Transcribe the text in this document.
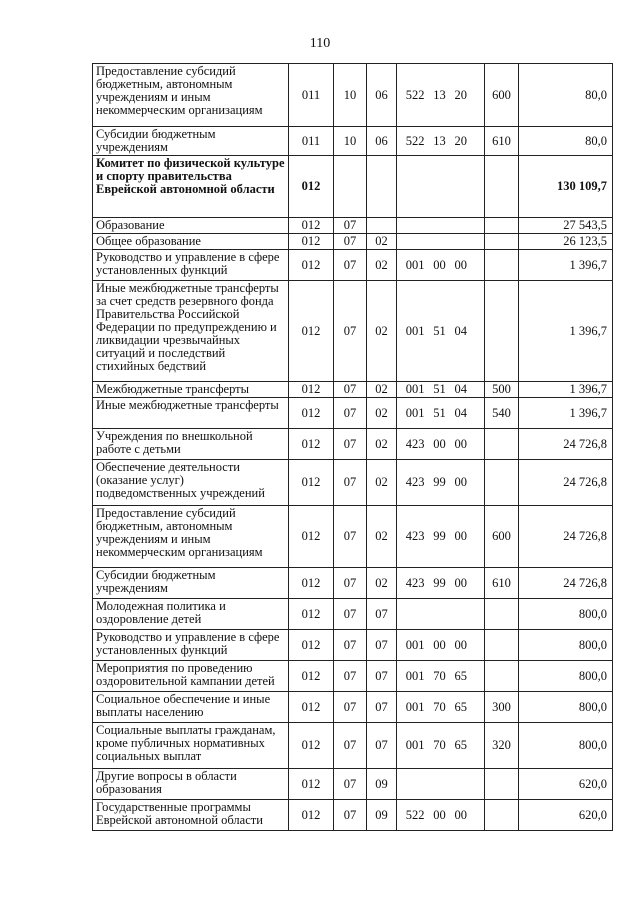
110
Предоставление субсидий бюджетным, автономным учреждениям и иным некоммерческим организациям	011	10	06	522	13	20	600	80,0
Субсидии бюджетным учреждениям	011	10	06	522	13	20	610	80,0
Комитет по физической культуре и спорту правительства Еврейской автономной области	012							130 109,7
Образование	012	07						27 543,5
Общее образование	012	07	02					26 123,5
Руководство и управление в сфере установленных функций	012	07	02	001	00	00		1 396,7
Иные межбюджетные трансферты за счет средств резервного фонда Правительства Российской Федерации по предупреждению и ликвидации чрезвычайных ситуаций и последствий стихийных бедствий	012	07	02	001	51	04		1 396,7
Межбюджетные трансферты	012	07	02	001	51	04	500	1 396,7
Иные межбюджетные трансферты	012	07	02	001	51	04	540	1 396,7
Учреждения по внешкольной работе с детьми	012	07	02	423	00	00		24 726,8
Обеспечение деятельности (оказание услуг) подведомственных учреждений	012	07	02	423	99	00		24 726,8
Предоставление субсидий бюджетным, автономным учреждениям и иным некоммерческим организациям	012	07	02	423	99	00	600	24 726,8
Субсидии бюджетным учреждениям	012	07	02	423	99	00	610	24 726,8
Молодежная политика и оздоровление детей	012	07	07					800,0
Руководство и управление в сфере установленных функций	012	07	07	001	00	00		800,0
Мероприятия по проведению оздоровительной кампании детей	012	07	07	001	70	65		800,0
Социальное обеспечение и иные выплаты населению	012	07	07	001	70	65	300	800,0
Социальные выплаты гражданам, кроме публичных нормативных социальных выплат	012	07	07	001	70	65	320	800,0
Другие вопросы в области образования	012	07	09					620,0
Государственные программы Еврейской автономной области	012	07	09	522	00	00		620,0
